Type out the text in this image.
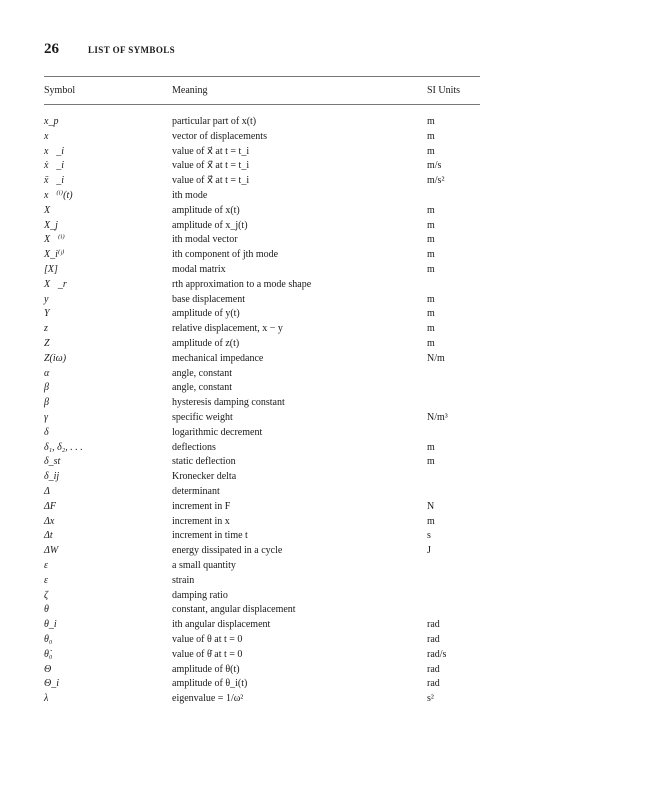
26	LIST OF SYMBOLS
Symbol	Meaning	SI Units
x_p	particular part of x(t)	m
x⃗	vector of displacements	m
x⃗_i	value of x⃗ at t = t_i	m
ẋ⃗_i	value of ẋ⃗ at t = t_i	m/s
ẍ⃗_i	value of ẍ⃗ at t = t_i	m/s²
x⃗⁽ⁱ⁾(t)	ith mode
X	amplitude of x(t)	m
X_j	amplitude of x_j(t)	m
X⃗⁽ⁱ⁾	ith modal vector	m
X_i⁽ʲ⁾	ith component of jth mode	m
[X]	modal matrix	m
X⃗_r	rth approximation to a mode shape
y	base displacement	m
Y	amplitude of y(t)	m
z	relative displacement, x − y	m
Z	amplitude of z(t)	m
Z(iω)	mechanical impedance	N/m
α	angle, constant
β	angle, constant
β	hysteresis damping constant
γ	specific weight	N/m³
δ	logarithmic decrement
δ₁, δ₂, . . .	deflections	m
δ_st	static deflection	m
δ_ij	Kronecker delta
Δ	determinant
ΔF	increment in F	N
Δx	increment in x	m
Δt	increment in time t	s
ΔW	energy dissipated in a cycle	J
ε	a small quantity
ε	strain
ζ	damping ratio
θ	constant, angular displacement
θ_i	ith angular displacement	rad
θ₀	value of θ at t = 0	rad
θ̇₀	value of θ̇ at t = 0	rad/s
Θ	amplitude of θ(t)	rad
Θ_i	amplitude of θ_i(t)	rad
λ	eigenvalue = 1/ω²	s²
